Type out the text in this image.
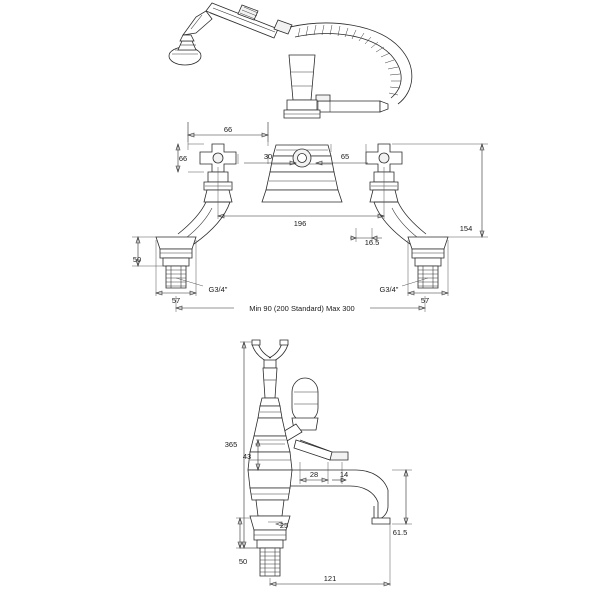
66
66	30	65
154
196
16.5
50
57	57
G3/4"	G3/4"
Min 90 (200 Standard) Max 300
365
43
28	14
25
61.5
50
121
